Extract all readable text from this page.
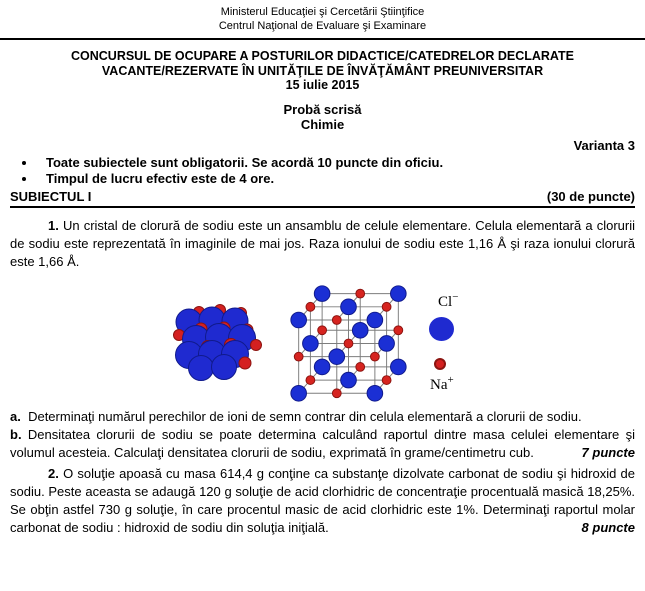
Ministerul Educaţiei şi Cercetării Ştiinţifice
Centrul Naţional de Evaluare şi Examinare
CONCURSUL DE OCUPARE A POSTURILOR DIDACTICE/CATEDRELOR DECLARATE
VACANTE/REZERVATE ÎN UNITĂŢILE DE ÎNVĂŢĂMÂNT PREUNIVERSITAR
15 iulie 2015
Probă scrisă
Chimie
Varianta 3
• Toate subiectele sunt obligatorii. Se acordă 10 puncte din oficiu.
• Timpul de lucru efectiv este de 4 ore.
SUBIECTUL I	(30 de puncte)

1. Un cristal de clorură de sodiu este un ansamblu de celule elementare. Celula elementară a clorurii de sodiu este reprezentată în imaginile de mai jos. Raza ionului de sodiu este 1,16 Å şi raza ionului clorură este 1,66 Å.

Cl−
Na+

a. Determinaţi numărul perechilor de ioni de semn contrar din celula elementară a clorurii de sodiu.

b. Densitatea clorurii de sodiu se poate determina calculând raportul dintre masa celulei elementare şi volumul acesteia. Calculaţi densitatea clorurii de sodiu, exprimată în grame/centimetru cub.	7 puncte

2. O soluţie apoasă cu masa 614,4 g conţine ca substanţe dizolvate carbonat de sodiu şi hidroxid de sodiu. Peste aceasta se adaugă 120 g soluţie de acid clorhidric de concentraţie procentuală masică 18,25%. Se obţin astfel 730 g soluţie, în care procentul masic de acid clorhidric este 1%. Determinaţi raportul molar carbonat de sodiu : hidroxid de sodiu din soluţia iniţială.	8 puncte
